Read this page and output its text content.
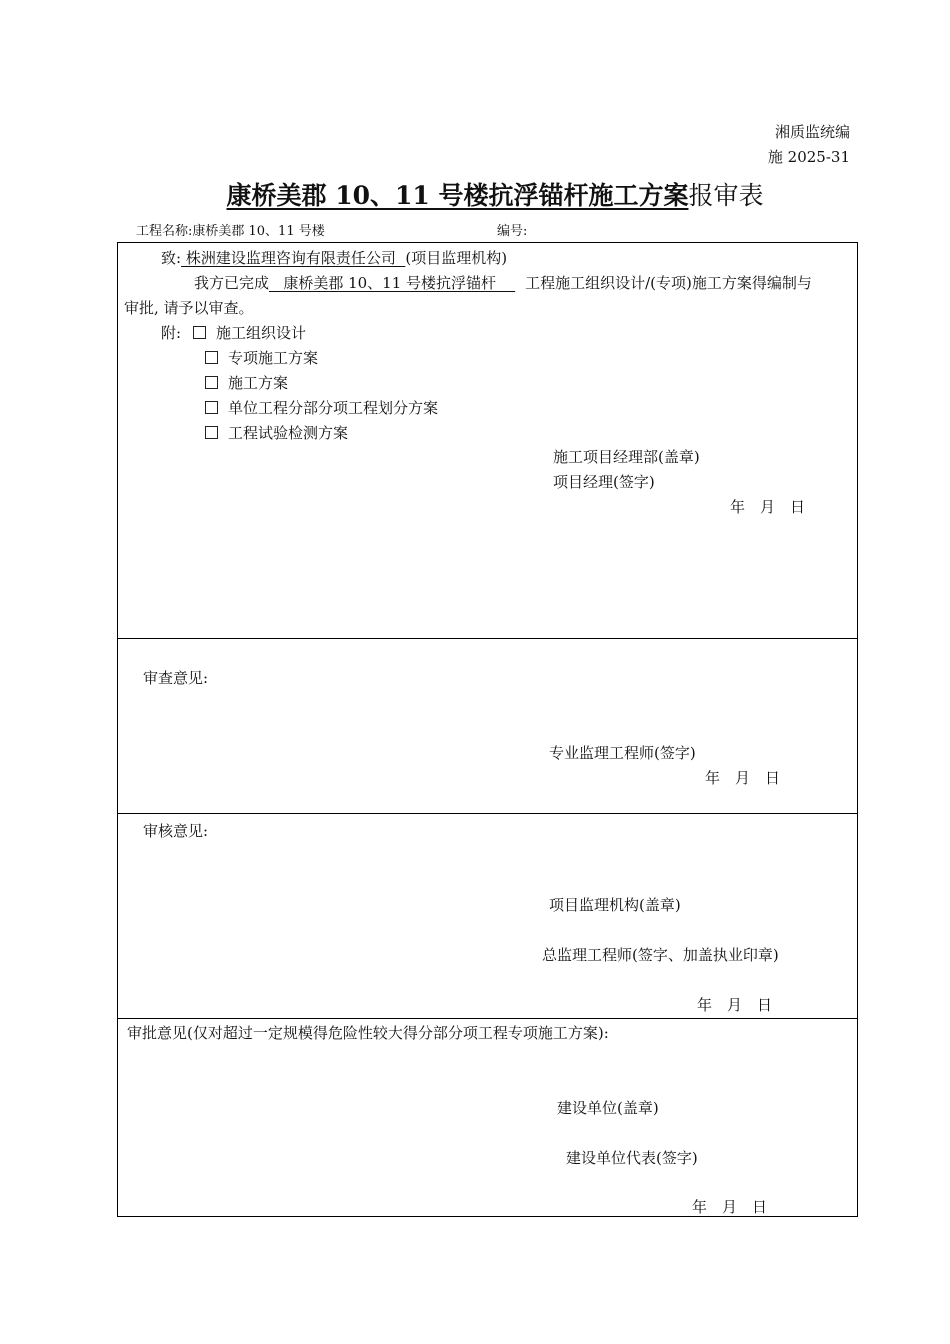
湘质监统编
施 2025-31
康桥美郡 10、11 号楼抗浮锚杆施工方案报审表
工程名称:康桥美郡 10、11 号楼	编号:
致: 株洲建设监理咨询有限责任公司  (项目监理机构)
我方已完成   康桥美郡 10、11 号楼抗浮锚杆    工程施工组织设计/(专项)施工方案得编制与
审批, 请予以审查。
附:	施工组织设计
专项施工方案
施工方案
单位工程分部分项工程划分方案
工程试验检测方案
施工项目经理部(盖章)
项目经理(签字)
年　月　日
审查意见:
专业监理工程师(签字)
年　月　日
审核意见:
项目监理机构(盖章)
总监理工程师(签字、加盖执业印章)
年　月　日
审批意见(仅对超过一定规模得危险性较大得分部分项工程专项施工方案):
建设单位(盖章)
建设单位代表(签字)
年　月　日
